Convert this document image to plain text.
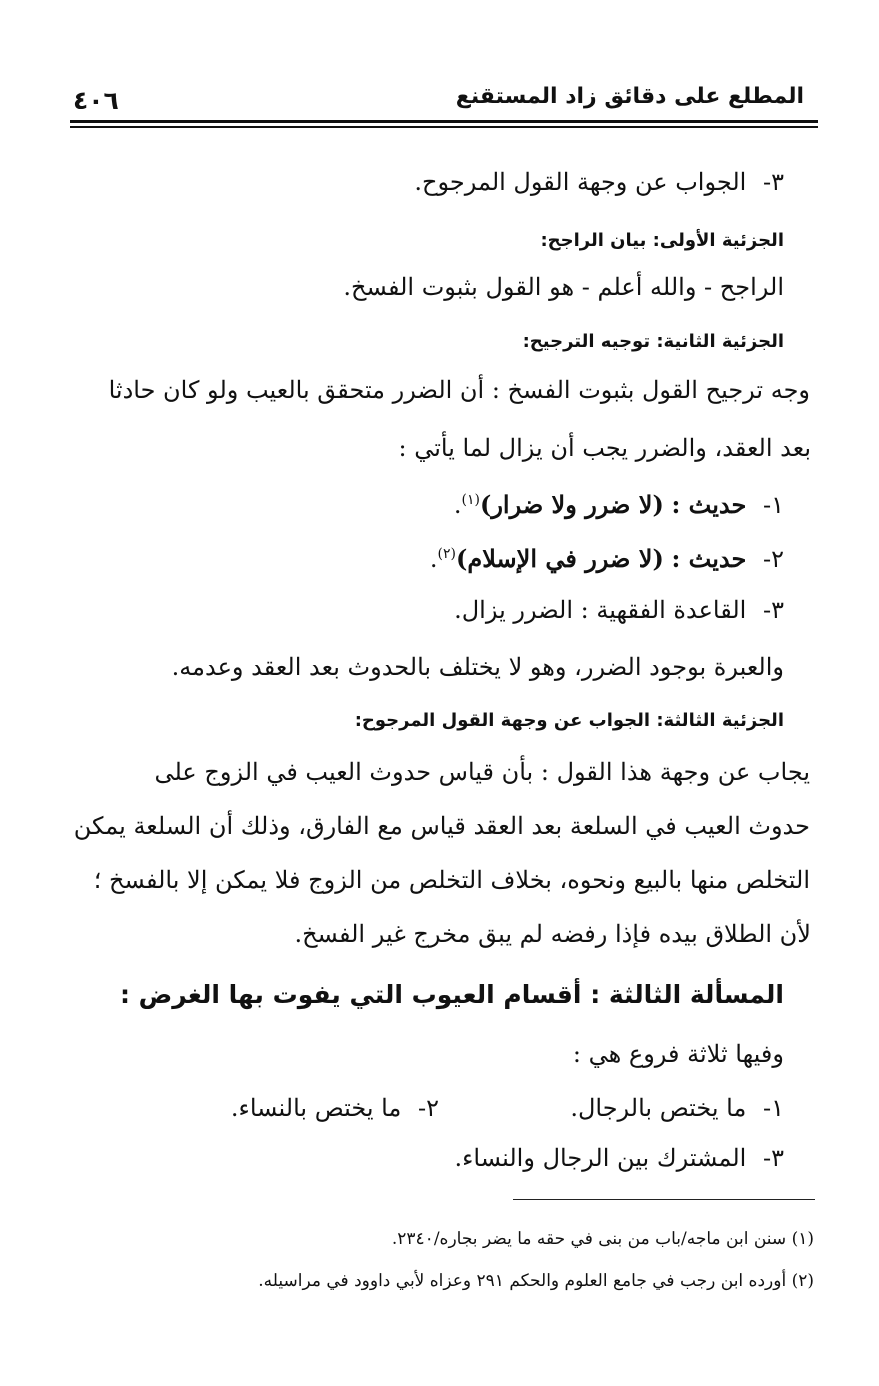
٤٠٦	المطلع على دقائق زاد المستقنع
٣- الجواب عن وجهة القول المرجوح.
الجزئية الأولى: بيان الراجح:
الراجح - والله أعلم - هو القول بثبوت الفسخ.
الجزئية الثانية: توجيه الترجيح:
وجه ترجيح القول بثبوت الفسخ : أن الضرر متحقق بالعيب ولو كان حادثا
بعد العقد، والضرر يجب أن يزال لما يأتي :
١- حديث : (لا ضرر ولا ضرار)$^{(١)}$.
٢- حديث : (لا ضرر في الإسلام)$^{(٢)}$.
٣- القاعدة الفقهية : الضرر يزال.
والعبرة بوجود الضرر، وهو لا يختلف بالحدوث بعد العقد وعدمه.
الجزئية الثالثة: الجواب عن وجهة القول المرجوح:
يجاب عن وجهة هذا القول : بأن قياس حدوث العيب في الزوج على
حدوث العيب في السلعة بعد العقد قياس مع الفارق، وذلك أن السلعة يمكن
التخلص منها بالبيع ونحوه، بخلاف التخلص من الزوج فلا يمكن إلا بالفسخ ؛
لأن الطلاق بيده فإذا رفضه لم يبق مخرج غير الفسخ.
المسألة الثالثة : أقسام العيوب التي يفوت بها الغرض :
وفيها ثلاثة فروع هي :
١- ما يختص بالرجال.
٢- ما يختص بالنساء.
٣- المشترك بين الرجال والنساء.
(١) سنن ابن ماجه/باب من بنى في حقه ما يضر بجاره/٢٣٤٠.
(٢) أورده ابن رجب في جامع العلوم والحكم ٢٩١ وعزاه لأبي داوود في مراسيله.
